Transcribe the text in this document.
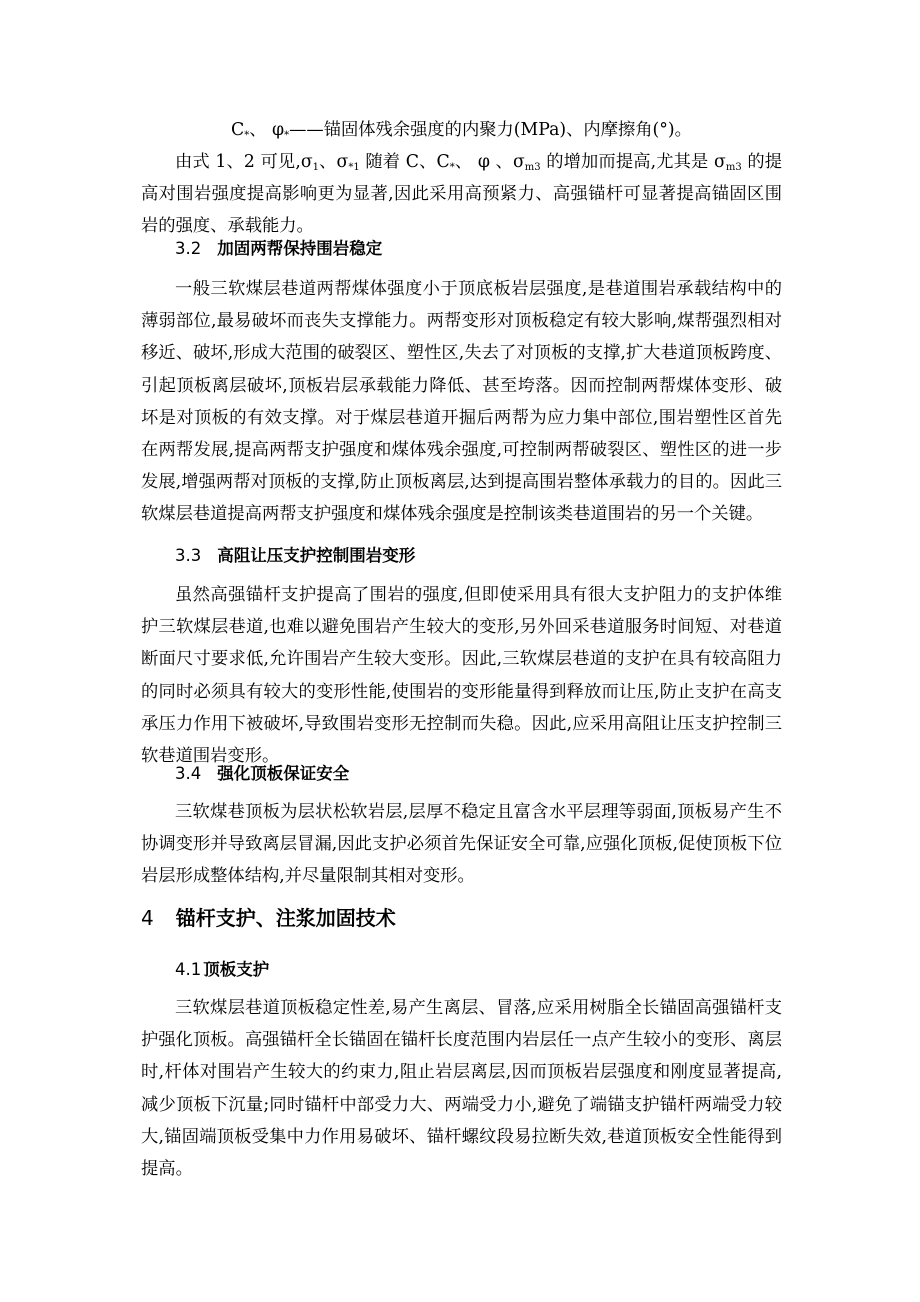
$C_*$、 $\varphi_*——$锚固体残余强度的内聚力(MPa)、内摩擦角(°)。

由式 1、2 可见$,\sigma_1$、$\sigma_{*1}$ 随着 C、$C_*$、 φ 、$\sigma_{m3}$ 的增加而提高,尤其是 $\sigma_{m3}$ 的提高对围岩强度提高影响更为显著,因此采用高预紧力、高强锚杆可显著提高锚固区围岩的强度、承载能力。

3.2 加固两帮保持围岩稳定

一般三软煤层巷道两帮煤体强度小于顶底板岩层强度,是巷道围岩承载结构中的薄弱部位,最易破坏而丧失支撑能力。两帮变形对顶板稳定有较大影响,煤帮强烈相对移近、破坏,形成大范围的破裂区、塑性区,失去了对顶板的支撑,扩大巷道顶板跨度、引起顶板离层破坏,顶板岩层承载能力降低、甚至垮落。因而控制两帮煤体变形、破坏是对顶板的有效支撑。对于煤层巷道开掘后两帮为应力集中部位,围岩塑性区首先在两帮发展,提高两帮支护强度和煤体残余强度,可控制两帮破裂区、塑性区的进一步发展,增强两帮对顶板的支撑,防止顶板离层,达到提高围岩整体承载力的目的。因此三软煤层巷道提高两帮支护强度和煤体残余强度是控制该类巷道围岩的另一个关键。

3.3 高阻让压支护控制围岩变形

虽然高强锚杆支护提高了围岩的强度,但即使采用具有很大支护阻力的支护体维护三软煤层巷道,也难以避免围岩产生较大的变形,另外回采巷道服务时间短、对巷道断面尺寸要求低,允许围岩产生较大变形。因此,三软煤层巷道的支护在具有较高阻力的同时必须具有较大的变形性能,使围岩的变形能量得到释放而让压,防止支护在高支承压力作用下被破坏,导致围岩变形无控制而失稳。因此,应采用高阻让压支护控制三软巷道围岩变形。

3.4 强化顶板保证安全

三软煤巷顶板为层状松软岩层,层厚不稳定且富含水平层理等弱面,顶板易产生不协调变形并导致离层冒漏,因此支护必须首先保证安全可靠,应强化顶板,促使顶板下位岩层形成整体结构,并尽量限制其相对变形。

4 锚杆支护、注浆加固技术
4.1 顶板支护

三软煤层巷道顶板稳定性差,易产生离层、冒落,应采用树脂全长锚固高强锚杆支护强化顶板。高强锚杆全长锚固在锚杆长度范围内岩层任一点产生较小的变形、离层时,杆体对围岩产生较大的约束力,阻止岩层离层,因而顶板岩层强度和刚度显著提高,减少顶板下沉量;同时锚杆中部受力大、两端受力小,避免了端锚支护锚杆两端受力较大,锚固端顶板受集中力作用易破坏、锚杆螺纹段易拉断失效,巷道顶板安全性能得到提高。
